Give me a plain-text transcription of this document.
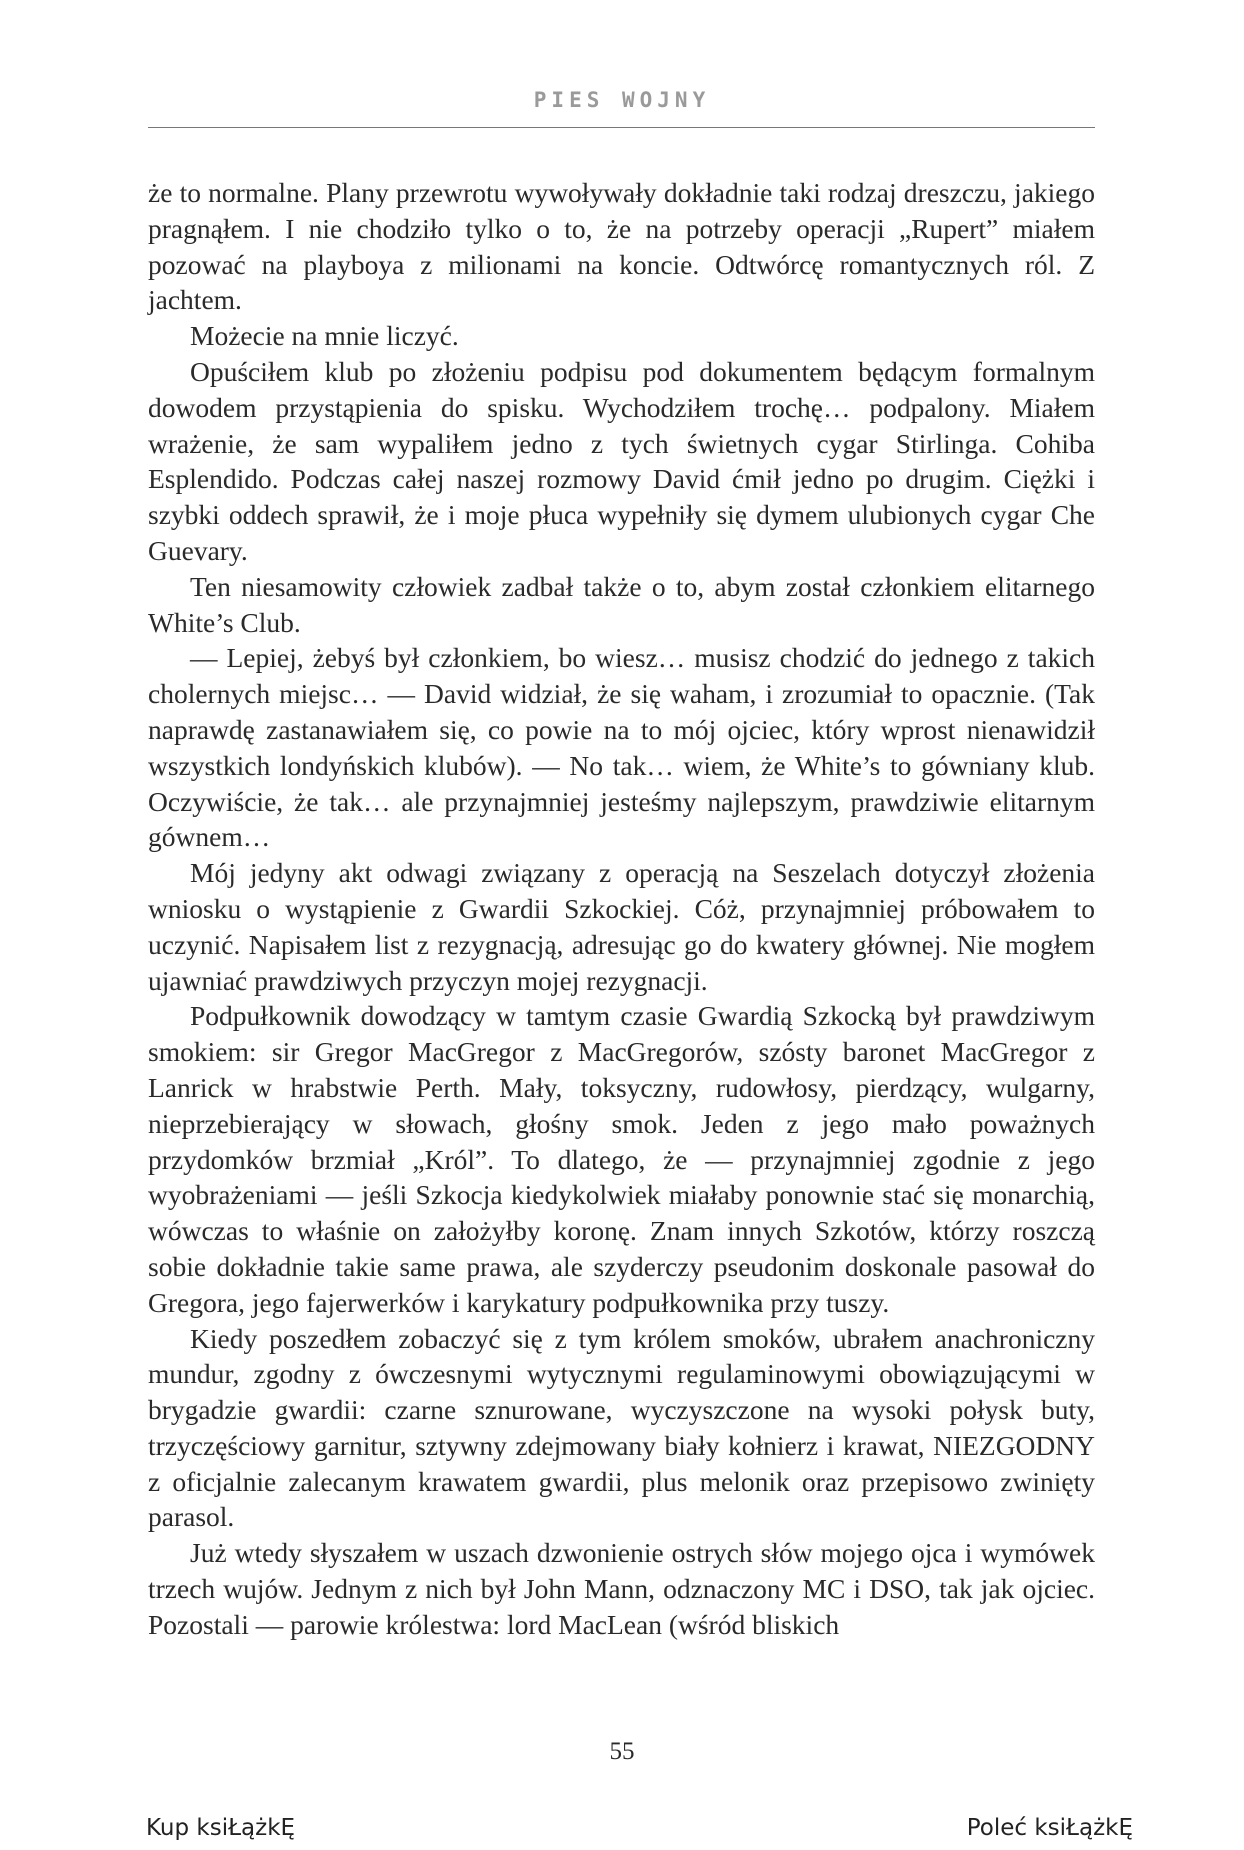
PIES WOJNY

że to normalne. Plany przewrotu wywoływały dokładnie taki rodzaj dreszczu, jakiego pragnąłem. I nie chodziło tylko o to, że na potrzeby operacji „Rupert” miałem pozować na playboya z milionami na koncie. Odtwórcę romantycznych ról. Z jachtem.

Możecie na mnie liczyć.

Opuściłem klub po złożeniu podpisu pod dokumentem będącym formalnym dowodem przystąpienia do spisku. Wychodziłem trochę… podpalony. Miałem wrażenie, że sam wypaliłem jedno z tych świetnych cygar Stirlinga. Cohiba Esplendido. Podczas całej naszej rozmowy David ćmił jedno po drugim. Ciężki i szybki oddech sprawił, że i moje płuca wypełniły się dymem ulubionych cygar Che Guevary.

Ten niesamowity człowiek zadbał także o to, abym został członkiem elitarnego White’s Club.

— Lepiej, żebyś był członkiem, bo wiesz… musisz chodzić do jednego z takich cholernych miejsc… — David widział, że się waham, i zrozumiał to opacznie. (Tak naprawdę zastanawiałem się, co powie na to mój ojciec, który wprost nienawidził wszystkich londyńskich klubów). — No tak… wiem, że White’s to gówniany klub. Oczywiście, że tak… ale przynajmniej jesteśmy najlepszym, prawdziwie elitarnym gównem…

Mój jedyny akt odwagi związany z operacją na Seszelach dotyczył złożenia wniosku o wystąpienie z Gwardii Szkockiej. Cóż, przynajmniej próbowałem to uczynić. Napisałem list z rezygnacją, adresując go do kwatery głównej. Nie mogłem ujawniać prawdziwych przyczyn mojej rezygnacji.

Podpułkownik dowodzący w tamtym czasie Gwardią Szkocką był prawdziwym smokiem: sir Gregor MacGregor z MacGregorów, szósty baronet MacGregor z Lanrick w hrabstwie Perth. Mały, toksyczny, rudowłosy, pierdzący, wulgarny, nieprzebierający w słowach, głośny smok. Jeden z jego mało poważnych przydomków brzmiał „Król”. To dlatego, że — przynajmniej zgodnie z jego wyobrażeniami — jeśli Szkocja kiedykolwiek miałaby ponownie stać się monarchią, wówczas to właśnie on założyłby koronę. Znam innych Szkotów, którzy roszczą sobie dokładnie takie same prawa, ale szyderczy pseudonim doskonale pasował do Gregora, jego fajerwerków i karykatury podpułkownika przy tuszy.

Kiedy poszedłem zobaczyć się z tym królem smoków, ubrałem anachroniczny mundur, zgodny z ówczesnymi wytycznymi regulaminowymi obowiązującymi w brygadzie gwardii: czarne sznurowane, wyczyszczone na wysoki połysk buty, trzyczęściowy garnitur, sztywny zdejmowany biały kołnierz i krawat, NIEZGODNY z oficjalnie zalecanym krawatem gwardii, plus melonik oraz przepisowo zwinięty parasol.

Już wtedy słyszałem w uszach dzwonienie ostrych słów mojego ojca i wymówek trzech wujów. Jednym z nich był John Mann, odznaczony MC i DSO, tak jak ojciec. Pozostali — parowie królestwa: lord MacLean (wśród bliskich

55
Kup ksiŁążkĘ	Poleć ksiŁążkĘ
